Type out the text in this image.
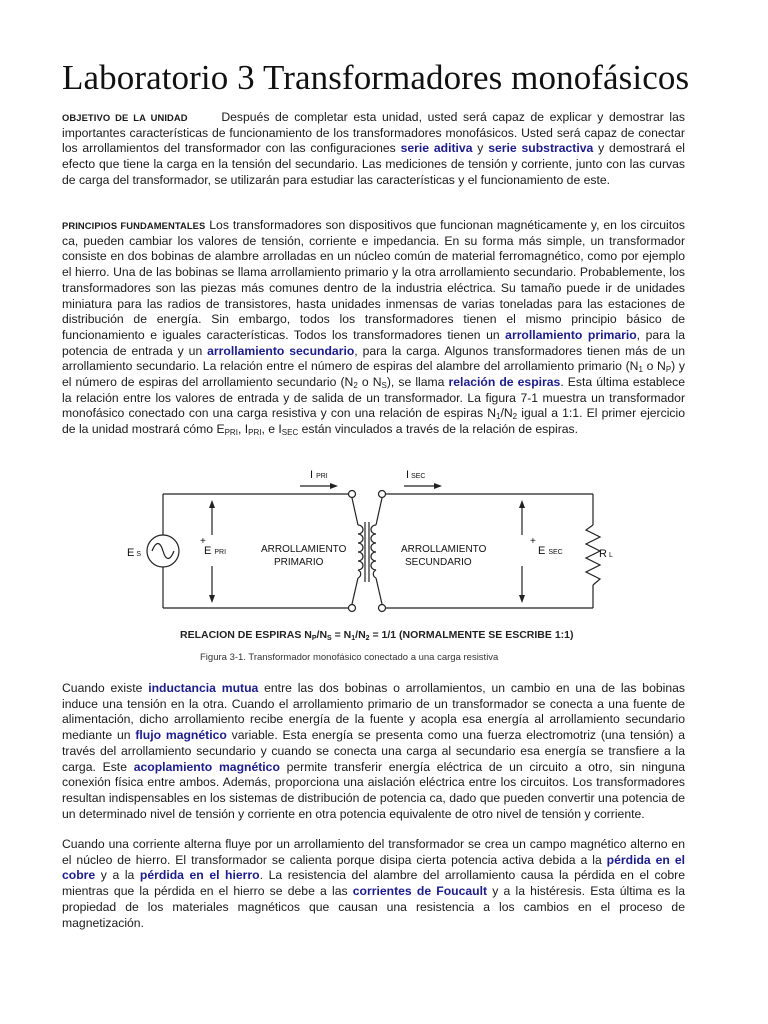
Laboratorio 3 Transformadores monofásicos

OBJETIVO DE LA UNIDAD	Después de completar esta unidad, usted será capaz de explicar y demostrar las importantes características de funcionamiento de los transformadores monofásicos. Usted será capaz de conectar los arrollamientos del transformador con las configuraciones serie aditiva y serie substractiva y demostrará el efecto que tiene la carga en la tensión del secundario. Las mediciones de tensión y corriente, junto con las curvas de carga del transformador, se utilizarán para estudiar las características y el funcionamiento de este.

PRINCIPIOS FUNDAMENTALES Los transformadores son dispositivos que funcionan magnéticamente y, en los circuitos ca, pueden cambiar los valores de tensión, corriente e impedancia. En su forma más simple, un transformador consiste en dos bobinas de alambre arrolladas en un núcleo común de material ferromagnético, como por ejemplo el hierro. Una de las bobinas se llama arrollamiento primario y la otra arrollamiento secundario. Probablemente, los transformadores son las piezas más comunes dentro de la industria eléctrica. Su tamaño puede ir de unidades miniatura para las radios de transistores, hasta unidades inmensas de varias toneladas para las estaciones de distribución de energía. Sin embargo, todos los transformadores tienen el mismo principio básico de funcionamiento e iguales características. Todos los transformadores tienen un arrollamiento primario, para la potencia de entrada y un arrollamiento secundario, para la carga. Algunos transformadores tienen más de un arrollamiento secundario. La relación entre el número de espiras del alambre del arrollamiento primario ($N_1$ o $N_P$) y el número de espiras del arrollamiento secundario ($N_2$ o $N_S$), se llama relación de espiras. Esta última establece la relación entre los valores de entrada y de salida de un transformador. La figura 7-1 muestra un transformador monofásico conectado con una carga resistiva y con una relación de espiras $N_1/N_2$ igual a 1:1. El primer ejercicio de la unidad mostrará cómo $E_{PRI}$, $I_{PRI}$, e $I_{SEC}$ están vinculados a través de la relación de espiras.

IPRI	ISEC
E S
+
EPRI	ARROLLAMIENTO
PRIMARIO
ARROLLAMIENTO
SECUNDARIO
+
ESEC	R L
RELACION DE ESPIRAS $N_P/N_S = N_1/N_2 = 1/1$ (NORMALMENTE SE ESCRIBE 1:1)
Figura 3-1. Transformador monofásico conectado a una carga resistiva

Cuando existe inductancia mutua entre las dos bobinas o arrollamientos, un cambio en una de las bobinas induce una tensión en la otra. Cuando el arrollamiento primario de un transformador se conecta a una fuente de alimentación, dicho arrollamiento recibe energía de la fuente y acopla esa energía al arrollamiento secundario mediante un flujo magnético variable. Esta energía se presenta como una fuerza electromotriz (una tensión) a través del arrollamiento secundario y cuando se conecta una carga al secundario esa energía se transfiere a la carga. Este acoplamiento magnético permite transferir energía eléctrica de un circuito a otro, sin ninguna conexión física entre ambos. Además, proporciona una aislación eléctrica entre los circuitos. Los transformadores resultan indispensables en los sistemas de distribución de potencia ca, dado que pueden convertir una potencia de un determinado nivel de tensión y corriente en otra potencia equivalente de otro nivel de tensión y corriente.

Cuando una corriente alterna fluye por un arrollamiento del transformador se crea un campo magnético alterno en el núcleo de hierro. El transformador se calienta porque disipa cierta potencia activa debida a la pérdida en el cobre y a la pérdida en el hierro. La resistencia del alambre del arrollamiento causa la pérdida en el cobre mientras que la pérdida en el hierro se debe a las corrientes de Foucault y a la histéresis. Esta última es la propiedad de los materiales magnéticos que causan una resistencia a los cambios en el proceso de magnetización.
